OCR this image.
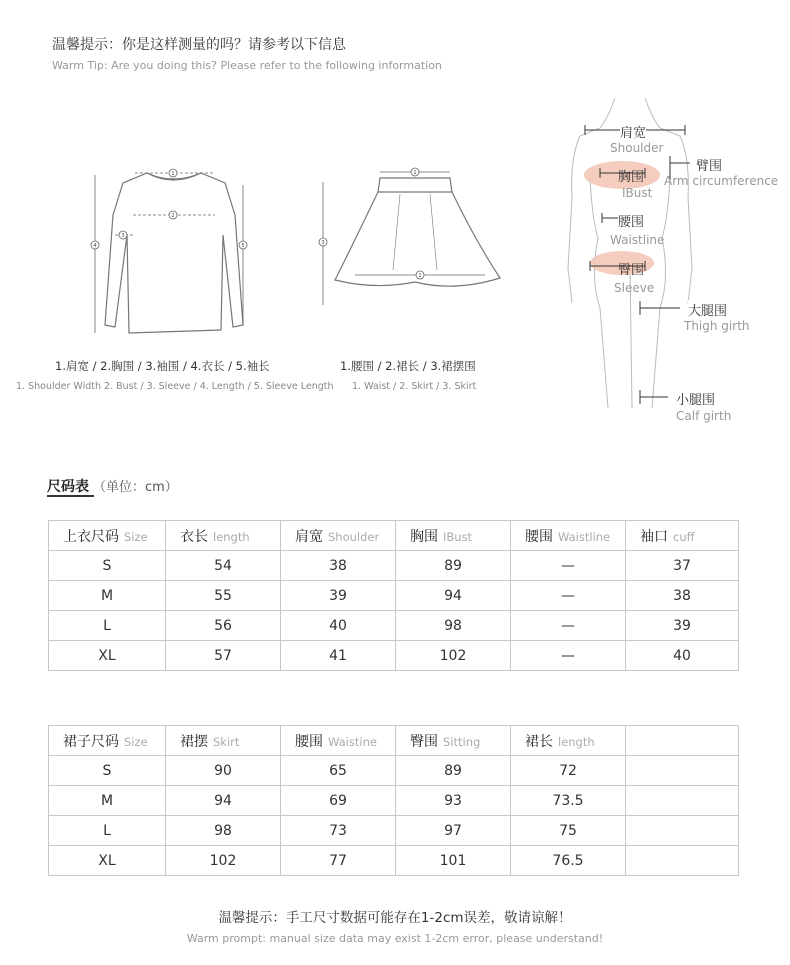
温馨提示：你是这样测量的吗？请参考以下信息
Warm Tip: Are you doing this? Please refer to the following information
1
2
3
4	5
1.肩宽 / 2.胸围 / 3.袖围 / 4.衣长 / 5.袖长
1. Shoulder Width 2. Bust / 3. Sleeve / 4. Length / 5. Sleeve Length
1
2
3
1.腰围 / 2.裙长 / 3.裙摆围
1. Waist / 2. Skirt / 3. Skirt
肩宽
Shoulder
胸围
IBust
臂围
Arm circumference
腰围
Waistline
臀围
Sleeve
大腿围
Thigh girth
小腿围
Calf girth
尺码表 （单位：cm）
上衣尺码 Size	衣长 length	肩宽 Shoulder	胸围 IBust	腰围 Waistline	袖口 cuff
S	54	38	89	—	37
M	55	39	94	—	38
L	56	40	98	—	39
XL	57	41	102	—	40
裙子尺码 Size	裙摆 Skirt	腰围 Waistine	臀围 Sitting	裙长 length	
S	90	65	89	72	
M	94	69	93	73.5	
L	98	73	97	75	
XL	102	77	101	76.5	
温馨提示：手工尺寸数据可能存在1-2cm误差，敬请谅解！
Warm prompt: manual size data may exist 1-2cm error, please understand!
